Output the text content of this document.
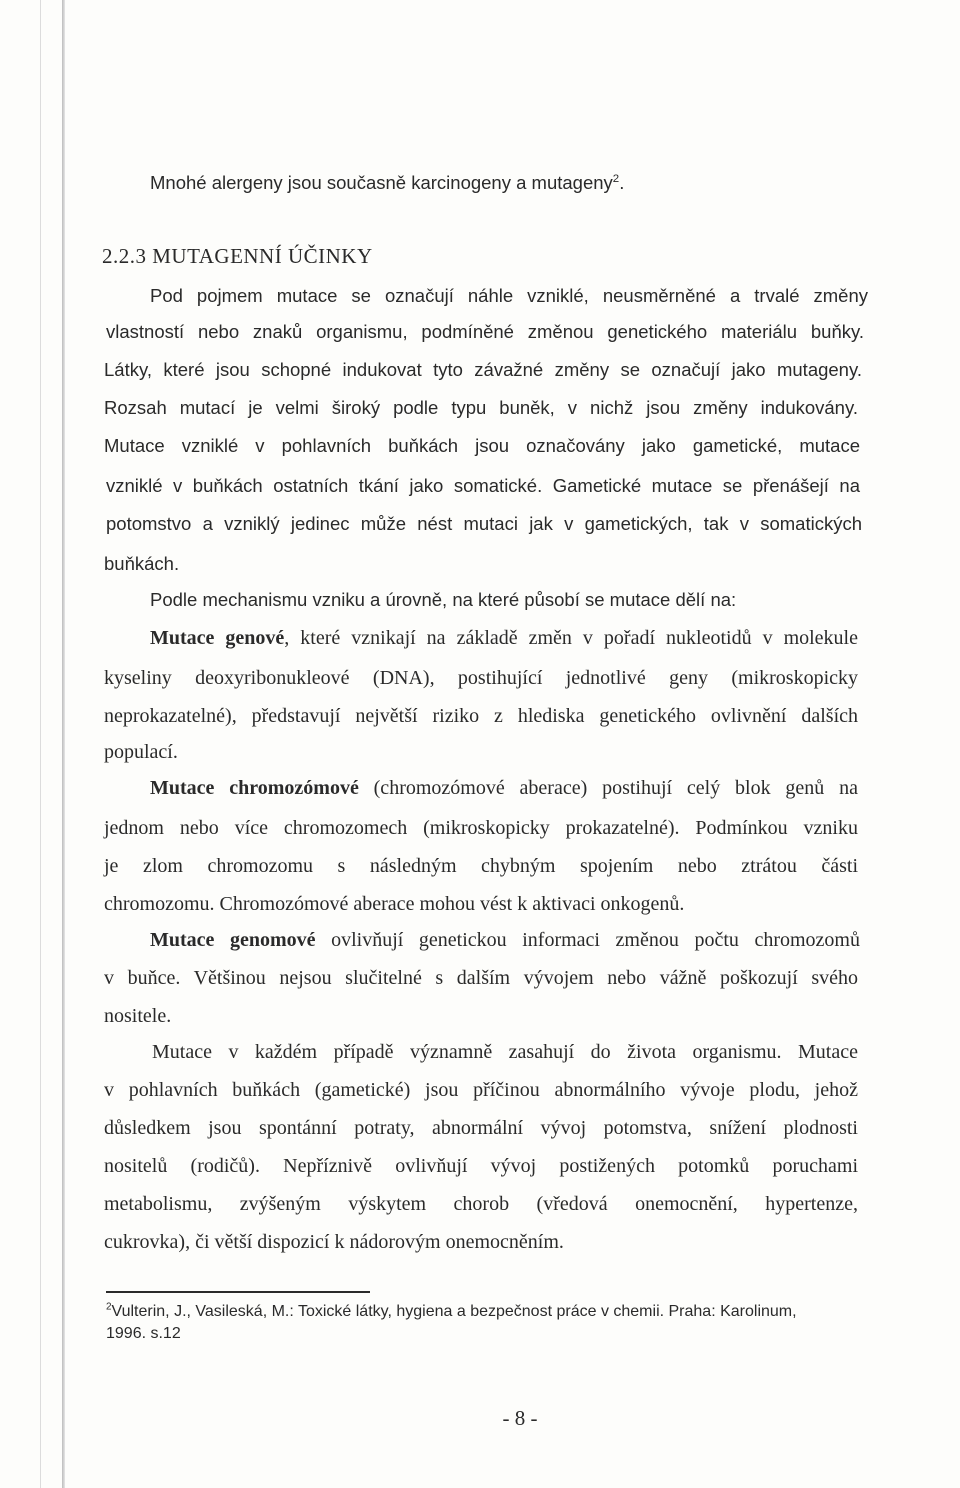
Mnohé alergeny jsou současně karcinogeny a mutageny$^2$.
2.2.3 MUTAGENNÍ ÚČINKY
Pod pojmem mutace se označují náhle vzniklé, neusměrněné a trvalé změny
vlastností nebo znaků organismu, podmíněné změnou genetického materiálu buňky.
Látky, které jsou schopné indukovat tyto závažné změny se označují jako mutageny.
Rozsah mutací je velmi široký podle typu buněk, v nichž jsou změny indukovány.
Mutace vzniklé v pohlavních buňkách jsou označovány jako gametické, mutace
vzniklé v buňkách ostatních tkání jako somatické. Gametické mutace se přenášejí na
potomstvo a vzniklý jedinec může nést mutaci jak v gametických, tak v somatických
buňkách.
Podle mechanismu vzniku a úrovně, na které působí se mutace dělí na:
Mutace genové, které vznikají na základě změn v pořadí nukleotidů v molekule
kyseliny deoxyribonukleové (DNA), postihující jednotlivé geny (mikroskopicky
neprokazatelné), představují největší riziko z hlediska genetického ovlivnění dalších
populací.
Mutace chromozómové (chromozómové aberace) postihují celý blok genů na
jednom nebo více chromozomech (mikroskopicky prokazatelné). Podmínkou vzniku
je zlom chromozomu s následným chybným spojením nebo ztrátou části
chromozomu. Chromozómové aberace mohou vést k aktivaci onkogenů.
Mutace genomové ovlivňují genetickou informaci změnou počtu chromozomů
v buňce. Většinou nejsou slučitelné s dalším vývojem nebo vážně poškozují svého
nositele.
Mutace v každém případě významně zasahují do života organismu. Mutace
v pohlavních buňkách (gametické) jsou příčinou abnormálního vývoje plodu, jehož
důsledkem jsou spontánní potraty, abnormální vývoj potomstva, snížení plodnosti
nositelů (rodičů). Nepříznivě ovlivňují vývoj postižených potomků poruchami
metabolismu, zvýšeným výskytem chorob (vředová onemocnění, hypertenze,
cukrovka), či větší dispozicí k nádorovým onemocněním.
$^2$Vulterin, J., Vasileská, M.: Toxické látky, hygiena a bezpečnost práce v chemii. Praha: Karolinum,
1996. s.12
- 8 -
